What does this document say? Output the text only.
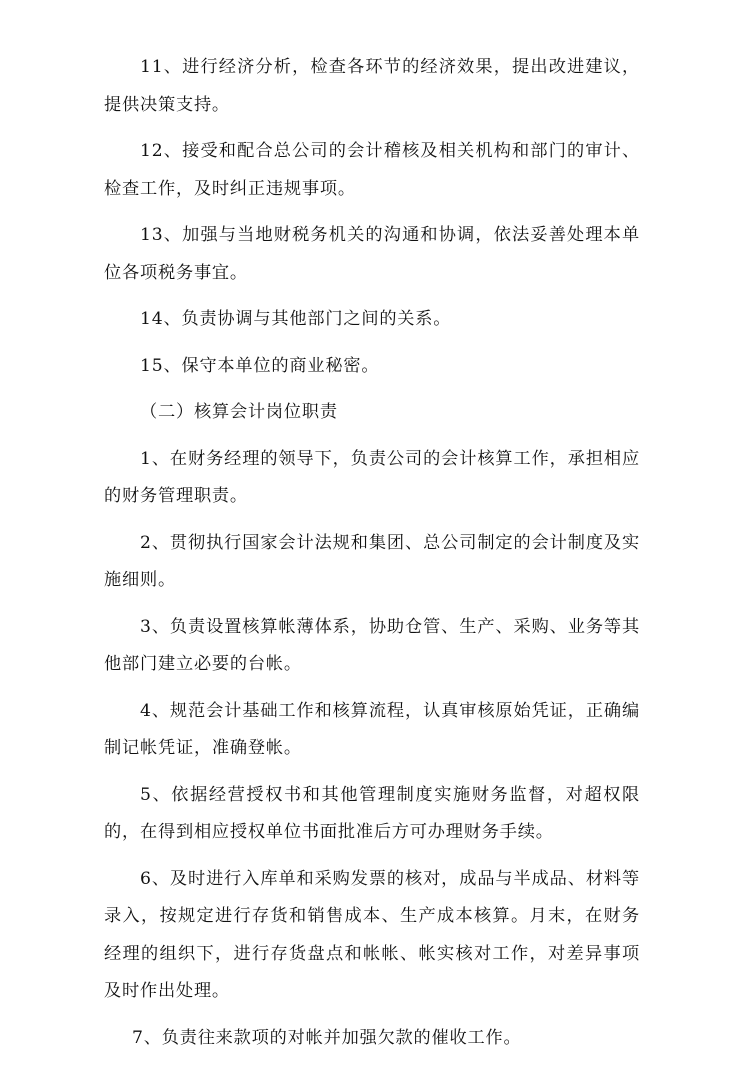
11、进行经济分析，检查各环节的经济效果，提出改进建议，提供决策支持。

12、接受和配合总公司的会计稽核及相关机构和部门的审计、检查工作，及时纠正违规事项。

13、加强与当地财税务机关的沟通和协调，依法妥善处理本单位各项税务事宜。

14、负责协调与其他部门之间的关系。

15、保守本单位的商业秘密。

（二）核算会计岗位职责

1、在财务经理的领导下，负责公司的会计核算工作，承担相应的财务管理职责。

2、贯彻执行国家会计法规和集团、总公司制定的会计制度及实施细则。

3、负责设置核算帐薄体系，协助仓管、生产、采购、业务等其他部门建立必要的台帐。

4、规范会计基础工作和核算流程，认真审核原始凭证，正确编制记帐凭证，准确登帐。

5、依据经营授权书和其他管理制度实施财务监督，对超权限的，在得到相应授权单位书面批准后方可办理财务手续。

6、及时进行入库单和采购发票的核对，成品与半成品、材料等录入，按规定进行存货和销售成本、生产成本核算。月末，在财务经理的组织下，进行存货盘点和帐帐、帐实核对工作，对差异事项及时作出处理。

7、负责往来款项的对帐并加强欠款的催收工作。
